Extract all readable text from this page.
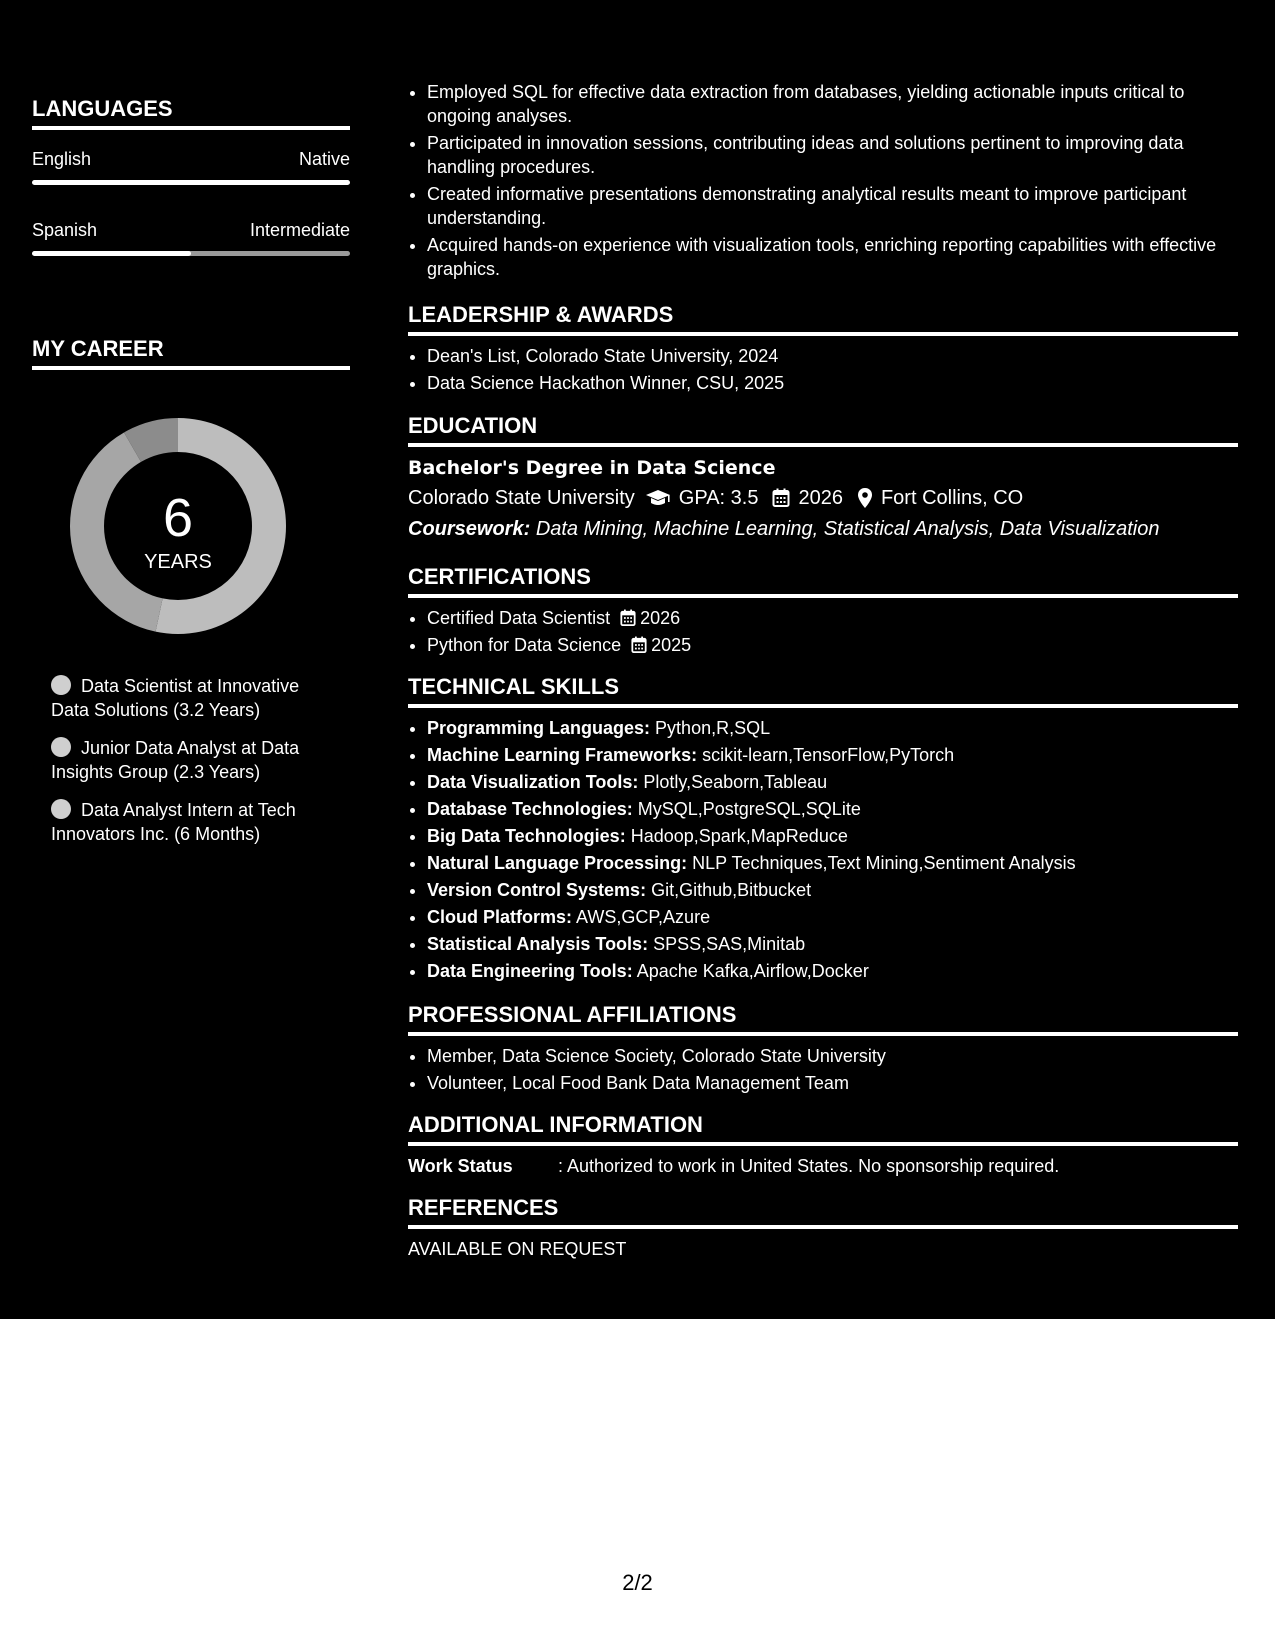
LANGUAGES
English	Native
Spanish	Intermediate
MY CAREER
6
YEARS
Data Scientist at Innovative Data Solutions (3.2 Years)
Junior Data Analyst at Data Insights Group (2.3 Years)
Data Analyst Intern at Tech Innovators Inc. (6 Months)
• Employed SQL for effective data extraction from databases, yielding actionable inputs critical to ongoing analyses.
• Participated in innovation sessions, contributing ideas and solutions pertinent to improving data handling procedures.
• Created informative presentations demonstrating analytical results meant to improve participant understanding.
• Acquired hands-on experience with visualization tools, enriching reporting capabilities with effective graphics.
LEADERSHIP & AWARDS
• Dean's List, Colorado State University, 2024
• Data Science Hackathon Winner, CSU, 2025
EDUCATION
Bachelor's Degree in Data Science
Colorado State University GPA: 3.5 2026 Fort Collins, CO
Coursework: Data Mining, Machine Learning, Statistical Analysis, Data Visualization
CERTIFICATIONS
• Certified Data Scientist 2026
• Python for Data Science 2025
TECHNICAL SKILLS
• Programming Languages: Python,R,SQL
• Machine Learning Frameworks: scikit-learn,TensorFlow,PyTorch
• Data Visualization Tools: Plotly,Seaborn,Tableau
• Database Technologies: MySQL,PostgreSQL,SQLite
• Big Data Technologies: Hadoop,Spark,MapReduce
• Natural Language Processing: NLP Techniques,Text Mining,Sentiment Analysis
• Version Control Systems: Git,Github,Bitbucket
• Cloud Platforms: AWS,GCP,Azure
• Statistical Analysis Tools: SPSS,SAS,Minitab
• Data Engineering Tools: Apache Kafka,Airflow,Docker
PROFESSIONAL AFFILIATIONS
• Member, Data Science Society, Colorado State University
• Volunteer, Local Food Bank Data Management Team
ADDITIONAL INFORMATION
Work Status	: Authorized to work in United States. No sponsorship required.
REFERENCES
AVAILABLE ON REQUEST
2/2
